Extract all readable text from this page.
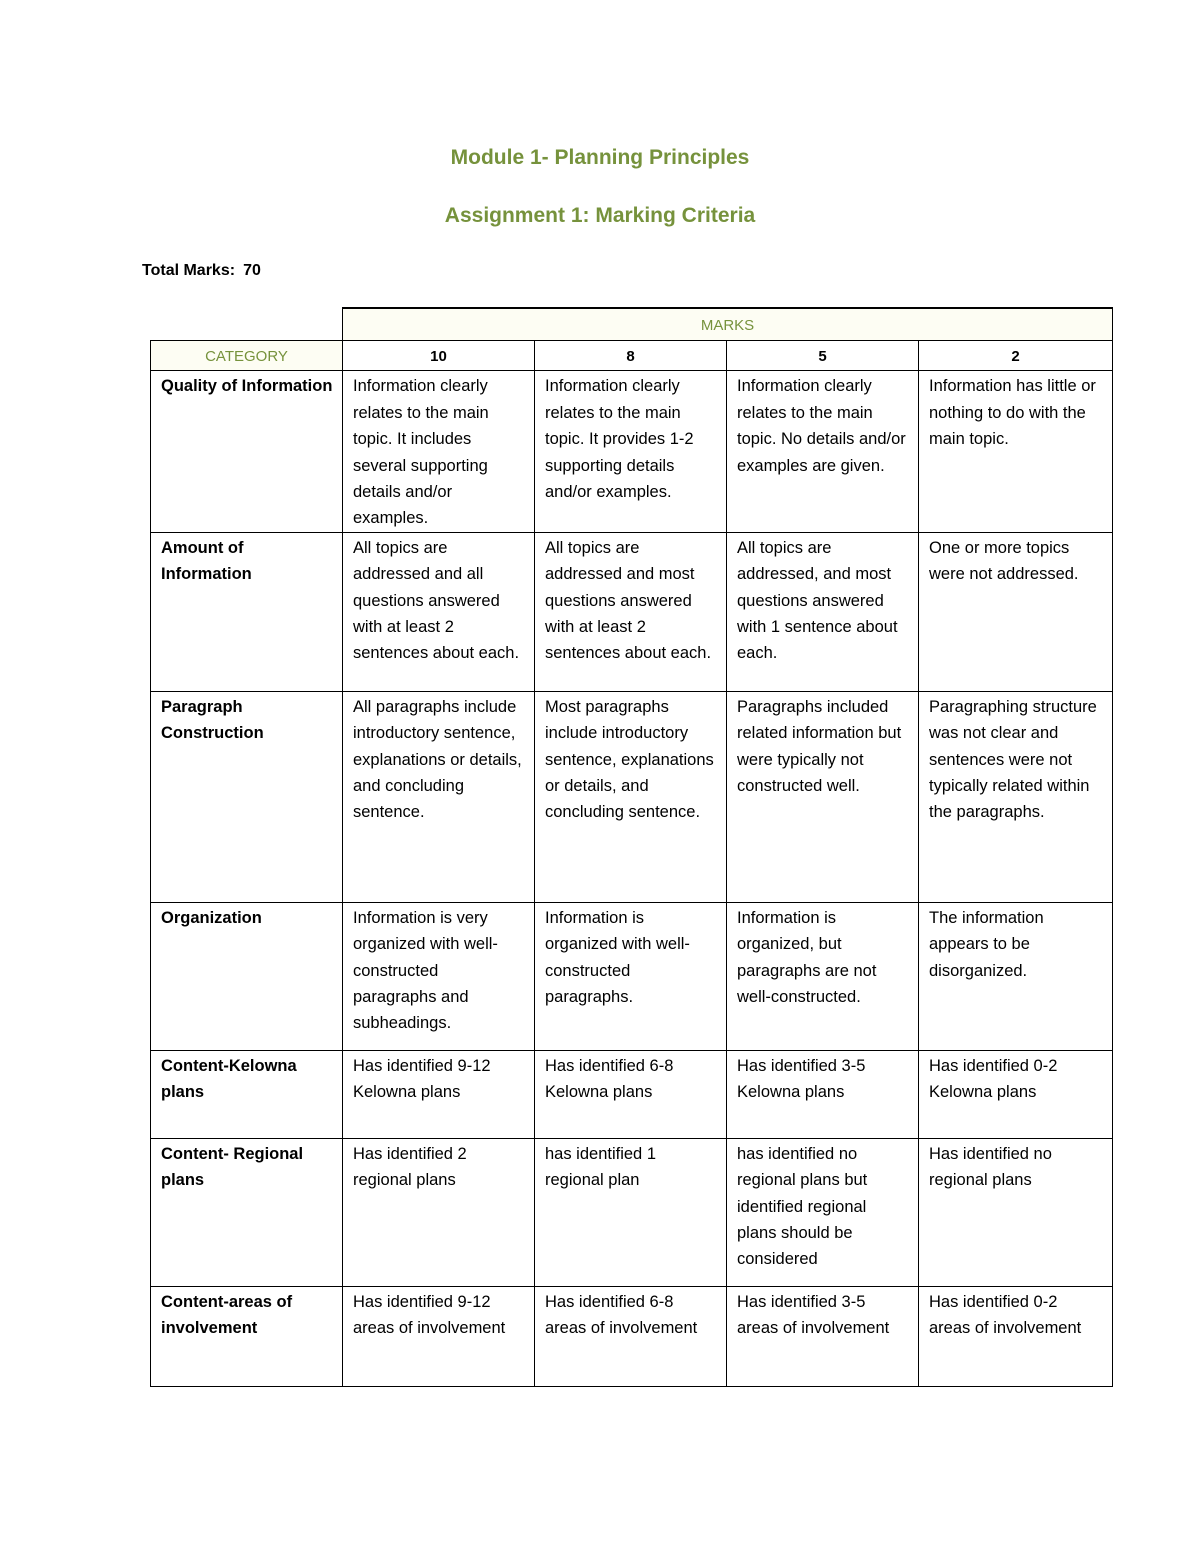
Module 1- Planning Principles
Assignment 1: Marking Criteria
Total Marks: 70
	MARKS			
CATEGORY	10	8	5	2
Quality of Information	Information clearly relates to the main topic. It includes several supporting details and/or examples.	Information clearly relates to the main topic. It provides 1-2 supporting details and/or examples.	Information clearly relates to the main topic. No details and/or examples are given.	Information has little or nothing to do with the main topic.
Amount of Information	All topics are addressed and all questions answered with at least 2 sentences about each.	All topics are addressed and most questions answered with at least 2 sentences about each.	All topics are addressed, and most questions answered with 1 sentence about each.	One or more topics were not addressed.
Paragraph Construction	All paragraphs include introductory sentence, explanations or details, and concluding sentence.	Most paragraphs include introductory sentence, explanations or details, and concluding sentence.	Paragraphs included related information but were typically not constructed well.	Paragraphing structure was not clear and sentences were not typically related within the paragraphs.
Organization	Information is very organized with well-constructed paragraphs and subheadings.	Information is organized with well-constructed paragraphs.	Information is organized, but paragraphs are not well-constructed.	The information appears to be disorganized.
Content-Kelowna plans	Has identified 9-12 Kelowna plans	Has identified 6-8 Kelowna plans	Has identified 3-5 Kelowna plans	Has identified 0-2 Kelowna plans
Content- Regional plans	Has identified 2 regional plans	has identified 1 regional plan	has identified no regional plans but identified regional plans should be considered	Has identified no regional plans
Content-areas of involvement	Has identified 9-12 areas of involvement	Has identified 6-8 areas of involvement	Has identified 3-5 areas of involvement	Has identified 0-2 areas of involvement
